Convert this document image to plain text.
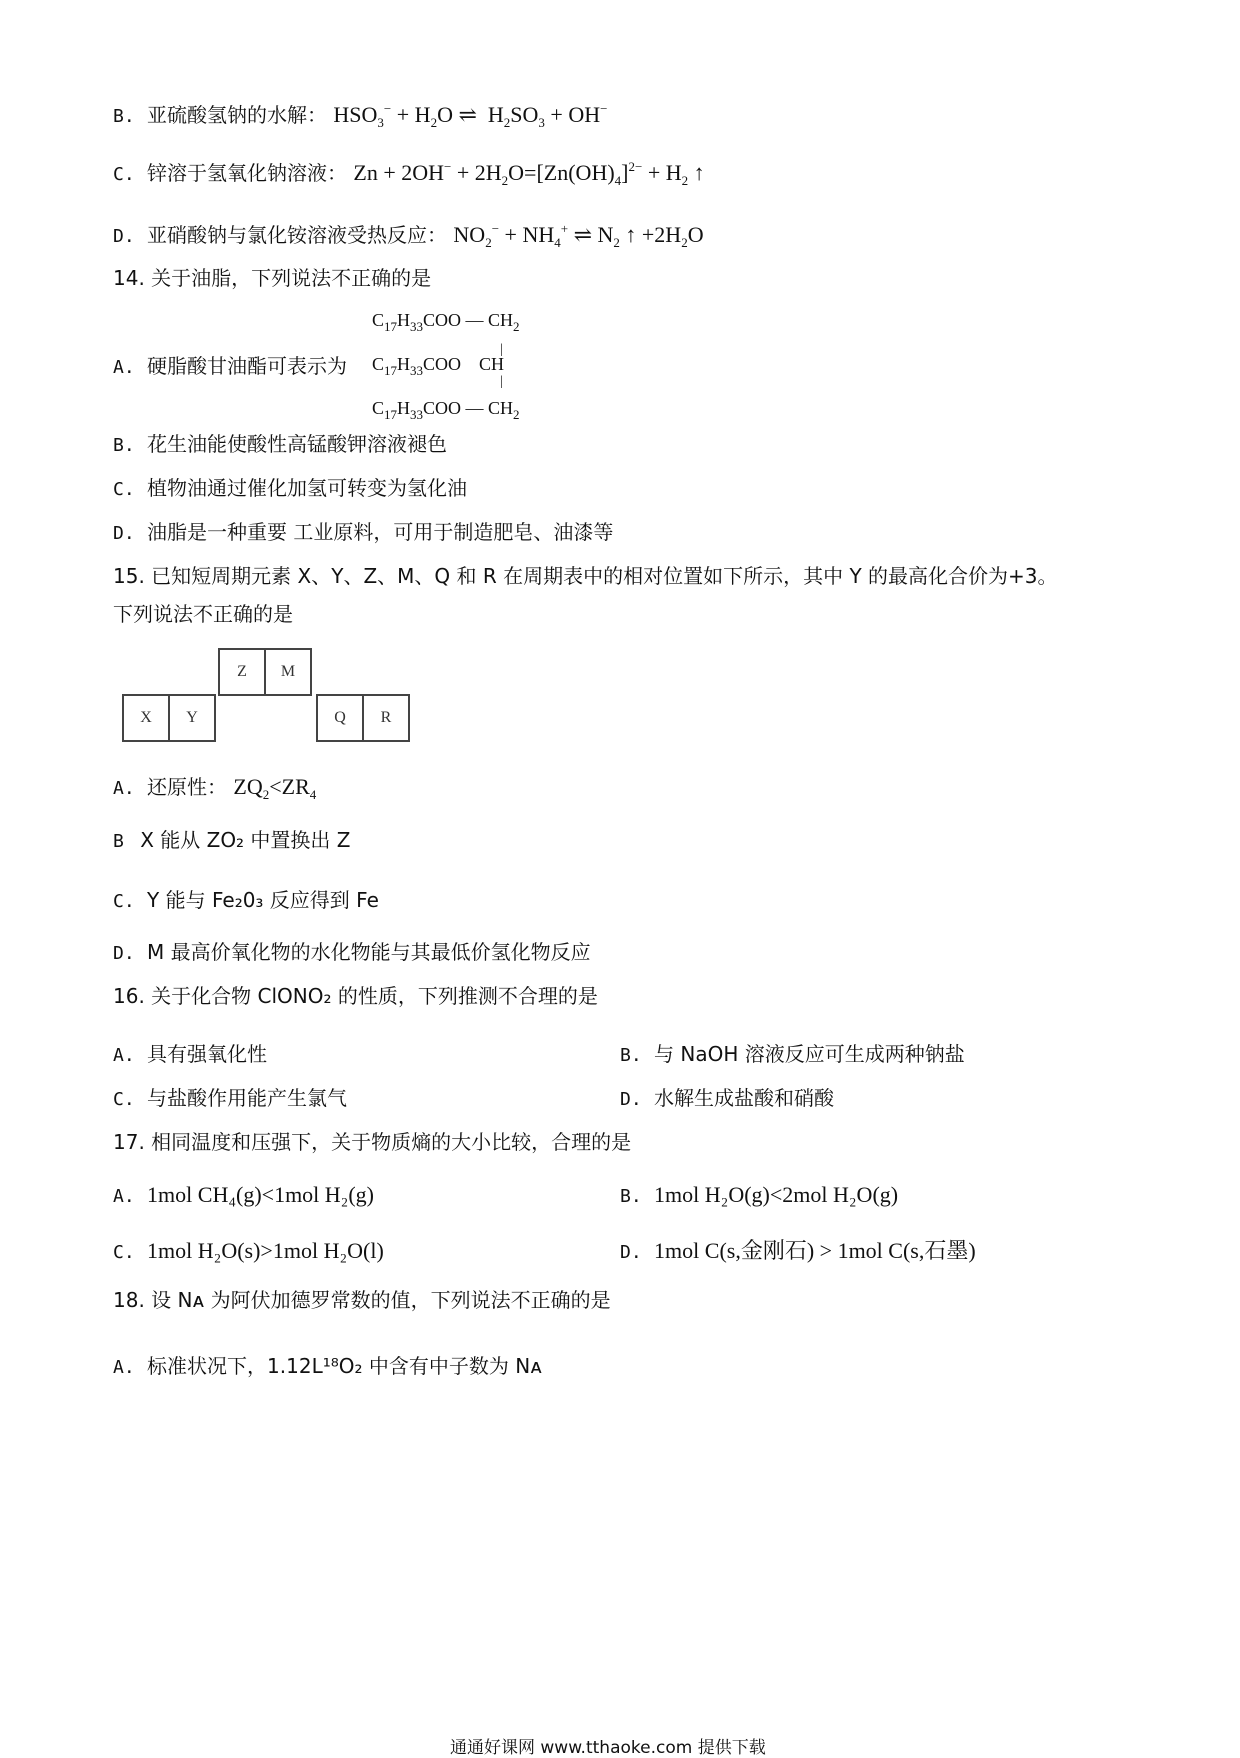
B. 亚硫酸氢钠的水解： $HSO_3^- + H_2O$ ⇌  $H_2SO_3 + OH^-$
C. 锌溶于氢氧化钠溶液： $Zn + 2OH^- + 2H_2O=[Zn(OH)_4]^{2-} + H_2$ ↑
D. 亚硝酸钠与氯化铵溶液受热反应： $NO_2^- + NH_4^+$ ⇌ $N_2$ ↑ $+2H_2O$
14. 关于油脂，下列说法不正确的是
$C_{17}H_{33}COO$ — $CH_2$
|
$C_{17}H_{33}COO$    CH
|
$C_{17}H_{33}COO$ — $CH_2$
A. 硬脂酸甘油酯可表示为
B. 花生油能使酸性高锰酸钾溶液褪色
C. 植物油通过催化加氢可转变为氢化油
D. 油脂是一种重要 工业原料，可用于制造肥皂、油漆等
15. 已知短周期元素 X、Y、Z、M、Q 和 R 在周期表中的相对位置如下所示，其中 Y 的最高化合价为+3。
下列说法不正确的是
Z	M
X	Y	Q	R
A. 还原性： $ZQ_2<ZR_4$
B X 能从 ZO₂ 中置换出 Z
C. Y 能与 Fe₂0₃ 反应得到 Fe
D. M 最高价氧化物的水化物能与其最低价氢化物反应
16. 关于化合物 ClONO₂ 的性质，下列推测不合理的是
A. 具有强氧化性	B. 与 NaOH 溶液反应可生成两种钠盐
C. 与盐酸作用能产生氯气	D. 水解生成盐酸和硝酸
17. 相同温度和压强下，关于物质熵的大小比较，合理的是
A. 1mol CH₄(g)<1mol H₂(g)	B. 1mol H₂O(g)<2mol H₂O(g)
C. 1mol H₂O(s)>1mol H₂O(l)	D. 1mol C(s,金刚石) > 1mol C(s,石墨)
18. 设 Nᴀ 为阿伏加德罗常数的值，下列说法不正确的是
A. 标准状况下，1.12L¹⁸O₂ 中含有中子数为 Nᴀ
通通好课网 www.tthaoke.com 提供下载
